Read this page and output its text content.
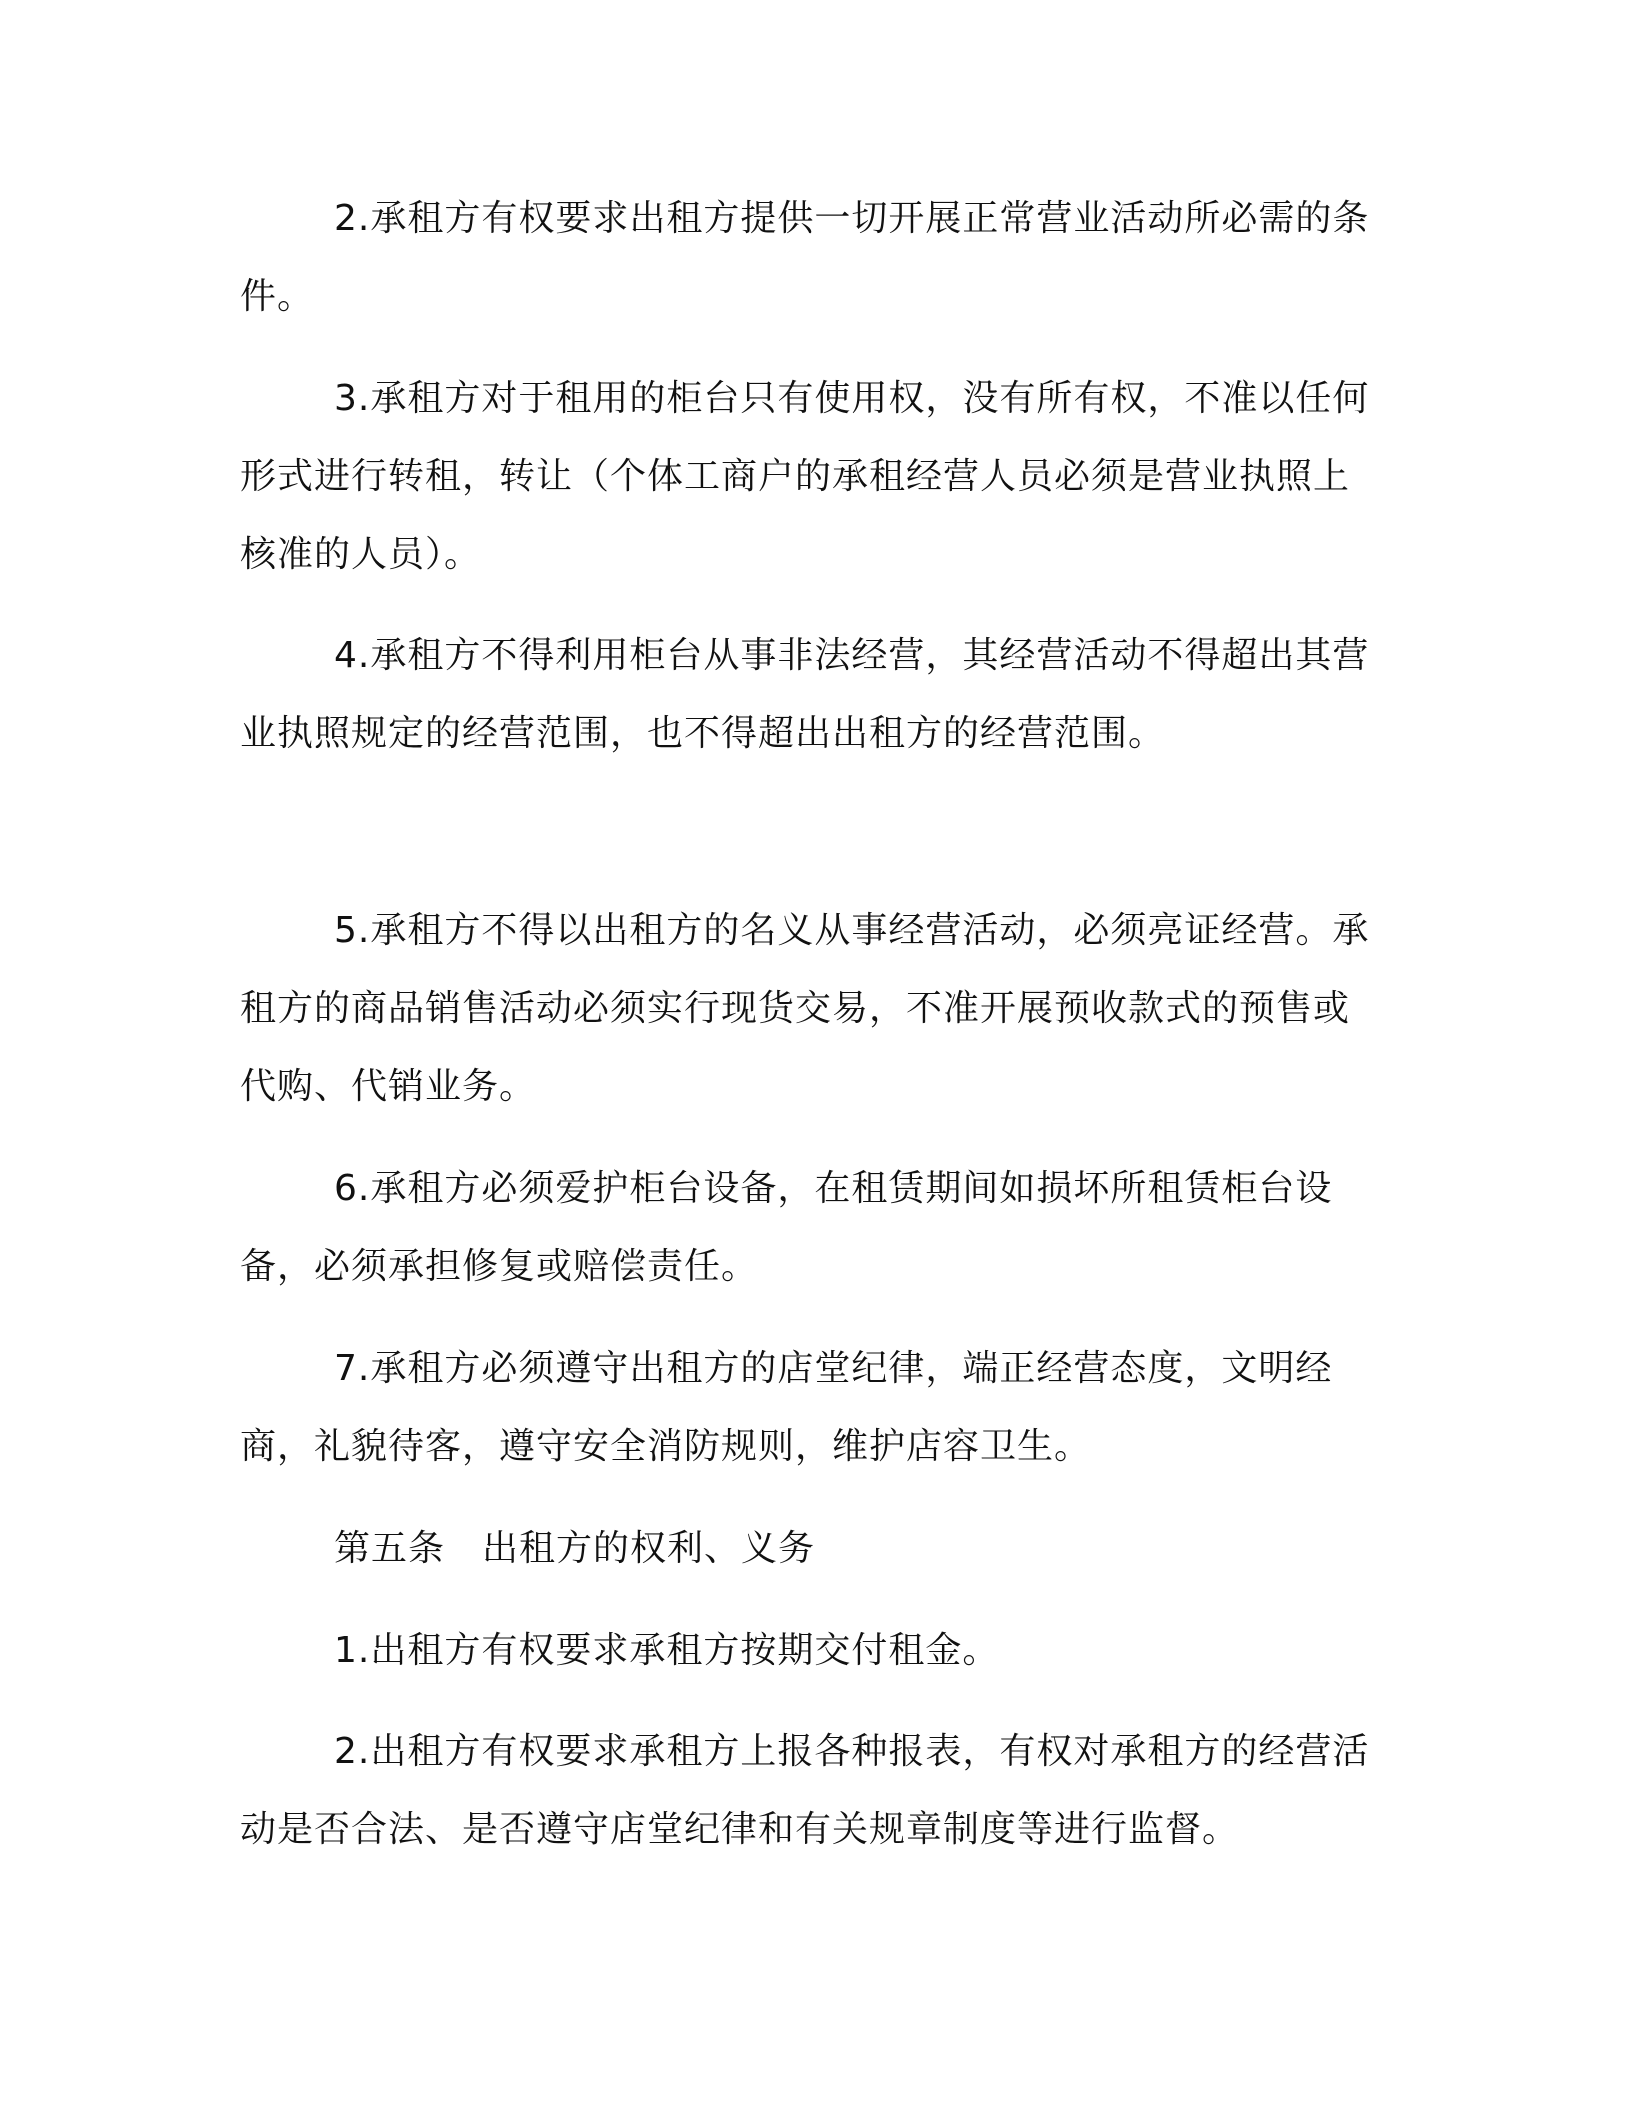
2.承租方有权要求出租方提供一切开展正常营业活动所必需的条件。

3.承租方对于租用的柜台只有使用权，没有所有权，不准以任何形式进行转租，转让（个体工商户的承租经营人员必须是营业执照上核准的人员）。

4.承租方不得利用柜台从事非法经营，其经营活动不得超出其营业执照规定的经营范围，也不得超出出租方的经营范围。

5.承租方不得以出租方的名义从事经营活动，必须亮证经营。承租方的商品销售活动必须实行现货交易，不准开展预收款式的预售或代购、代销业务。

6.承租方必须爱护柜台设备，在租赁期间如损坏所租赁柜台设备，必须承担修复或赔偿责任。

7.承租方必须遵守出租方的店堂纪律，端正经营态度，文明经商，礼貌待客，遵守安全消防规则，维护店容卫生。

第五条　出租方的权利、义务

1.出租方有权要求承租方按期交付租金。

2.出租方有权要求承租方上报各种报表，有权对承租方的经营活动是否合法、是否遵守店堂纪律和有关规章制度等进行监督。
